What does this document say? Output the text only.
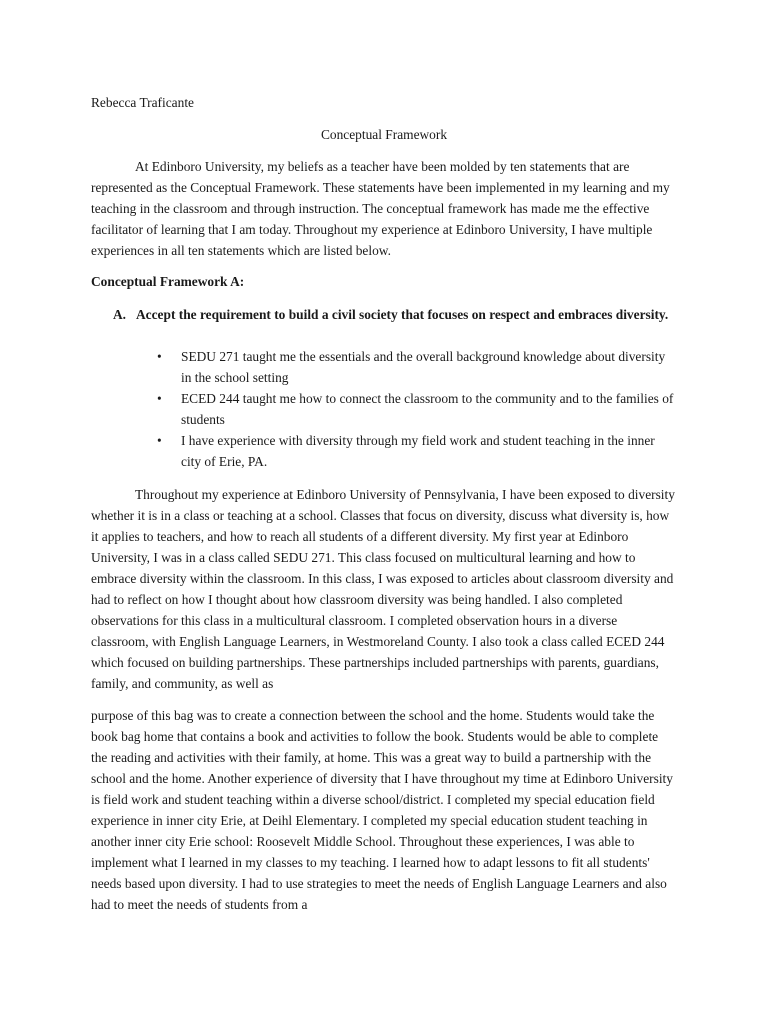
Rebecca Traficante
Conceptual Framework

At Edinboro University, my beliefs as a teacher have been molded by ten statements that are represented as the Conceptual Framework. These statements have been implemented in my learning and my teaching in the classroom and through instruction. The conceptual framework has made me the effective facilitator of learning that I am today. Throughout my experience at Edinboro University, I have multiple experiences in all ten statements which are listed below.

Conceptual Framework A:
A. Accept the requirement to build a civil society that focuses on respect and embraces diversity.
• SEDU 271 taught me the essentials and the overall background knowledge about diversity in the school setting
• ECED 244 taught me how to connect the classroom to the community and to the families of students
• I have experience with diversity through my field work and student teaching in the inner city of Erie, PA.

Throughout my experience at Edinboro University of Pennsylvania, I have been exposed to diversity whether it is in a class or teaching at a school. Classes that focus on diversity, discuss what diversity is, how it applies to teachers, and how to reach all students of a different diversity. My first year at Edinboro University, I was in a class called SEDU 271. This class focused on multicultural learning and how to embrace diversity within the classroom. In this class, I was exposed to articles about classroom diversity and had to reflect on how I thought about how classroom diversity was being handled. I also completed observations for this class in a multicultural classroom. I completed observation hours in a diverse classroom, with English Language Learners, in Westmoreland County. I also took a class called ECED 244 which focused on building partnerships. These partnerships included partnerships with parents, guardians, family, and community, as well as

purpose of this bag was to create a connection between the school and the home. Students would take the book bag home that contains a book and activities to follow the book. Students would be able to complete the reading and activities with their family, at home. This was a great way to build a partnership with the school and the home. Another experience of diversity that I have throughout my time at Edinboro University is field work and student teaching within a diverse school/district. I completed my special education field experience in inner city Erie, at Deihl Elementary. I completed my special education student teaching in another inner city Erie school: Roosevelt Middle School. Throughout these experiences, I was able to implement what I learned in my classes to my teaching. I learned how to adapt lessons to fit all students' needs based upon diversity. I had to use strategies to meet the needs of English Language Learners and also had to meet the needs of students from a
